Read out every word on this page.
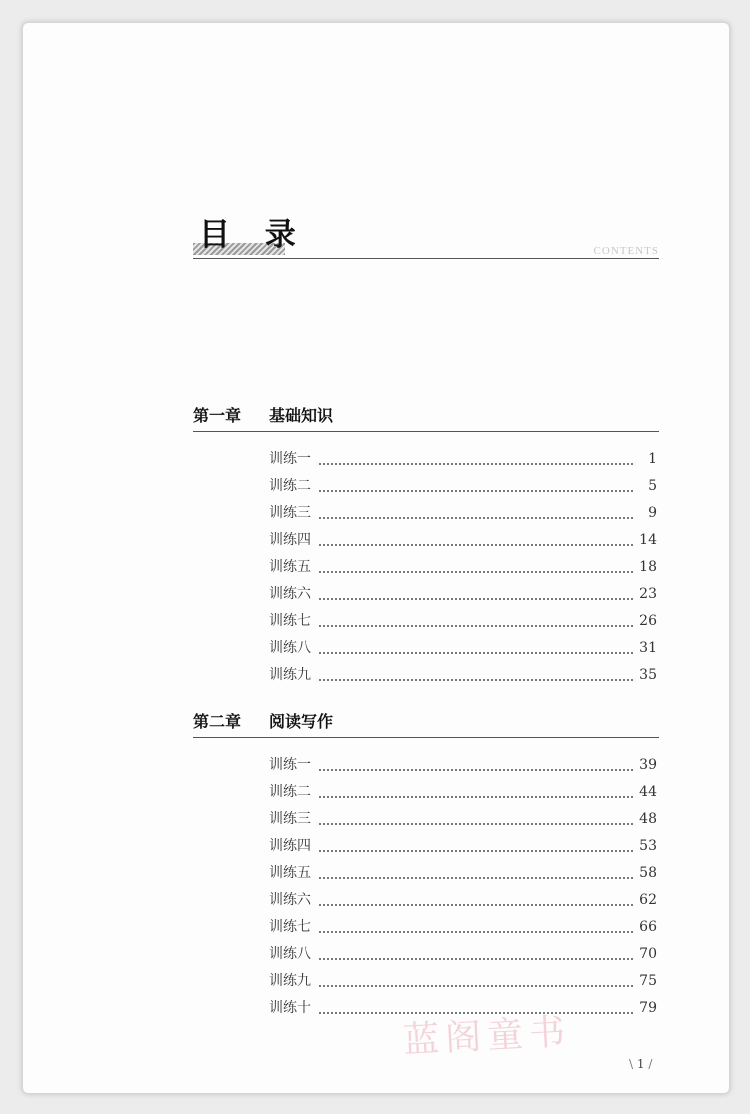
目 录	CONTENTS
第一章 基础知识
训练一	1
训练二	5
训练三	9
训练四	14
训练五	18
训练六	23
训练七	26
训练八	31
训练九	35
第二章 阅读写作
训练一	39
训练二	44
训练三	48
训练四	53
训练五	58
训练六	62
训练七	66
训练八	70
训练九	75
训练十	79
蓝阁童书
\ 1 /
